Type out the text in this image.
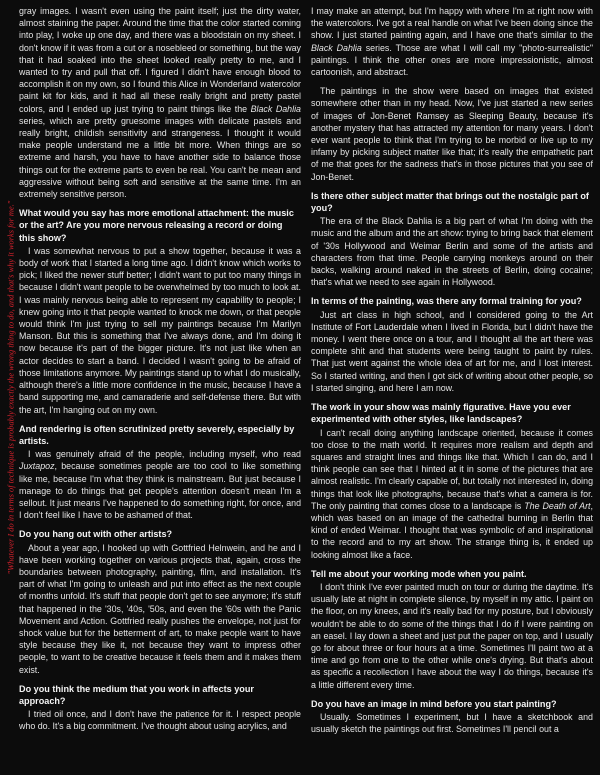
"Whatever I do in terms of technique is probably exactly the wrong thing to do, and that's why it works for me."

gray images. I wasn't even using the paint itself; just the dirty water, almost staining the paper. Around the time that the color started coming into play, I woke up one day, and there was a bloodstain on my sheet. I don't know if it was from a cut or a nosebleed or something, but the way that it had soaked into the sheet looked really pretty to me, and I wanted to try and pull that off. I figured I didn't have enough blood to accomplish it on my own, so I found this Alice in Wonderland watercolor paint kit for kids, and it had all these really bright and pretty pastel colors, and I ended up just trying to paint things like the Black Dahlia series, which are pretty gruesome images with delicate pastels and really bright, childish sensitivity and strangeness. I thought it would make people understand me a little bit more. When things are so extreme and harsh, you have to have another side to balance those things out for the extreme parts to even be real. You can't be mean and aggressive without being soft and sensitive at the same time. I'm an extremely sensitive person.

What would you say has more emotional attachment: the music or the art? Are you more nervous releasing a record or doing this show?

I was somewhat nervous to put a show together, because it was a body of work that I started a long time ago. I didn't know which works to pick; I liked the newer stuff better; I didn't want to put too many things in because I didn't want people to be overwhelmed by too much to look at. I was mainly nervous being able to represent my capability to people; I knew going into it that people wanted to knock me down, or that people would think I'm just trying to sell my paintings because I'm Marilyn Manson. But this is something that I've always done, and I'm doing it now because it's part of the bigger picture. It's not just like when an actor decides to start a band. I decided I wasn't going to be afraid of those limitations anymore. My paintings stand up to what I do musically, although there's a little more confidence in the music, because I have a band supporting me, and camaraderie and self-defense there. But with the art, I'm hanging out on my own.

And rendering is often scrutinized pretty severely, especially by artists.

I was genuinely afraid of the people, including myself, who read Juxtapoz, because sometimes people are too cool to like something like me, because I'm what they think is mainstream. But just because I manage to do things that get people's attention doesn't mean I'm a sellout. It just means I've happened to do something right, for once, and I don't feel like I have to be ashamed of that.

Do you hang out with other artists?

About a year ago, I hooked up with Gottfried Helnwein, and he and I have been working together on various projects that, again, cross the boundaries between photography, painting, film, and installation. It's part of what I'm going to unleash and put into effect as the next couple of months unfold. It's stuff that people don't get to see anymore; it's stuff that happened in the '30s, '40s, '50s, and even the '60s with the Panic Movement and Action. Gottfried really pushes the envelope, not just for shock value but for the betterment of art, to make people want to have style because they like it, not because they want to impress other people, to want to be creative because it feels them and it makes them exist.

Do you think the medium that you work in affects your approach?

I tried oil once, and I don't have the patience for it. I respect people who do. It's a big commitment. I've thought about using acrylics, and

I may make an attempt, but I'm happy with where I'm at right now with the watercolors. I've got a real handle on what I've been doing since the show. I just started painting again, and I have one that's similar to the Black Dahlia series. Those are what I will call my "photo-surrealistic" paintings. I think the other ones are more impressionistic, almost cartoonish, and abstract.

The paintings in the show were based on images that existed somewhere other than in my head. Now, I've just started a new series of images of Jon-Benet Ramsey as Sleeping Beauty, because it's another mystery that has attracted my attention for many years. I don't ever want people to think that I'm trying to be morbid or live up to my infamy by picking subject matter like that; it's really the empathetic part of me that goes for the sadness that's in those pictures that you see of Jon-Benet.

Is there other subject matter that brings out the nostalgic part of you?

The era of the Black Dahlia is a big part of what I'm doing with the music and the album and the art show: trying to bring back that element of '30s Hollywood and Weimar Berlin and some of the artists and characters from that time. People carrying monkeys around on their backs, walking around naked in the streets of Berlin, doing cocaine; that's what we need to see again in Hollywood.

In terms of the painting, was there any formal training for you?

Just art class in high school, and I considered going to the Art Institute of Fort Lauderdale when I lived in Florida, but I didn't have the money. I went there once on a tour, and I thought all the art there was complete shit and that students were being taught to paint by rules. That just went against the whole idea of art for me, and I lost interest. So I started writing, and then I got sick of writing about other people, so I started singing, and here I am now.

The work in your show was mainly figurative. Have you ever experimented with other styles, like landscapes?

I can't recall doing anything landscape oriented, because it comes too close to the math world. It requires more realism and depth and squares and straight lines and things like that. Which I can do, and I think people can see that I hinted at it in some of the pictures that are almost realistic. I'm clearly capable of, but totally not interested in, doing things that look like photographs, because that's what a camera is for. The only painting that comes close to a landscape is The Death of Art, which was based on an image of the cathedral burning in Berlin that kind of ended Weimar. I thought that was symbolic of and inspirational to the record and to my art show. The strange thing is, it ended up looking almost like a face.

Tell me about your working mode when you paint.

I don't think I've ever painted much on tour or during the daytime. It's usually late at night in complete silence, by myself in my attic. I paint on the floor, on my knees, and it's really bad for my posture, but I obviously wouldn't be able to do some of the things that I do if I were painting on an easel. I lay down a sheet and just put the paper on top, and I usually go for about three or four hours at a time. Sometimes I'll paint two at a time and go from one to the other while one's drying. But that's about as specific a recollection I have about the way I do things, because it's a little different every time.

Do you have an image in mind before you start painting?

Usually. Sometimes I experiment, but I have a sketchbook and usually sketch the paintings out first. Sometimes I'll pencil out a
